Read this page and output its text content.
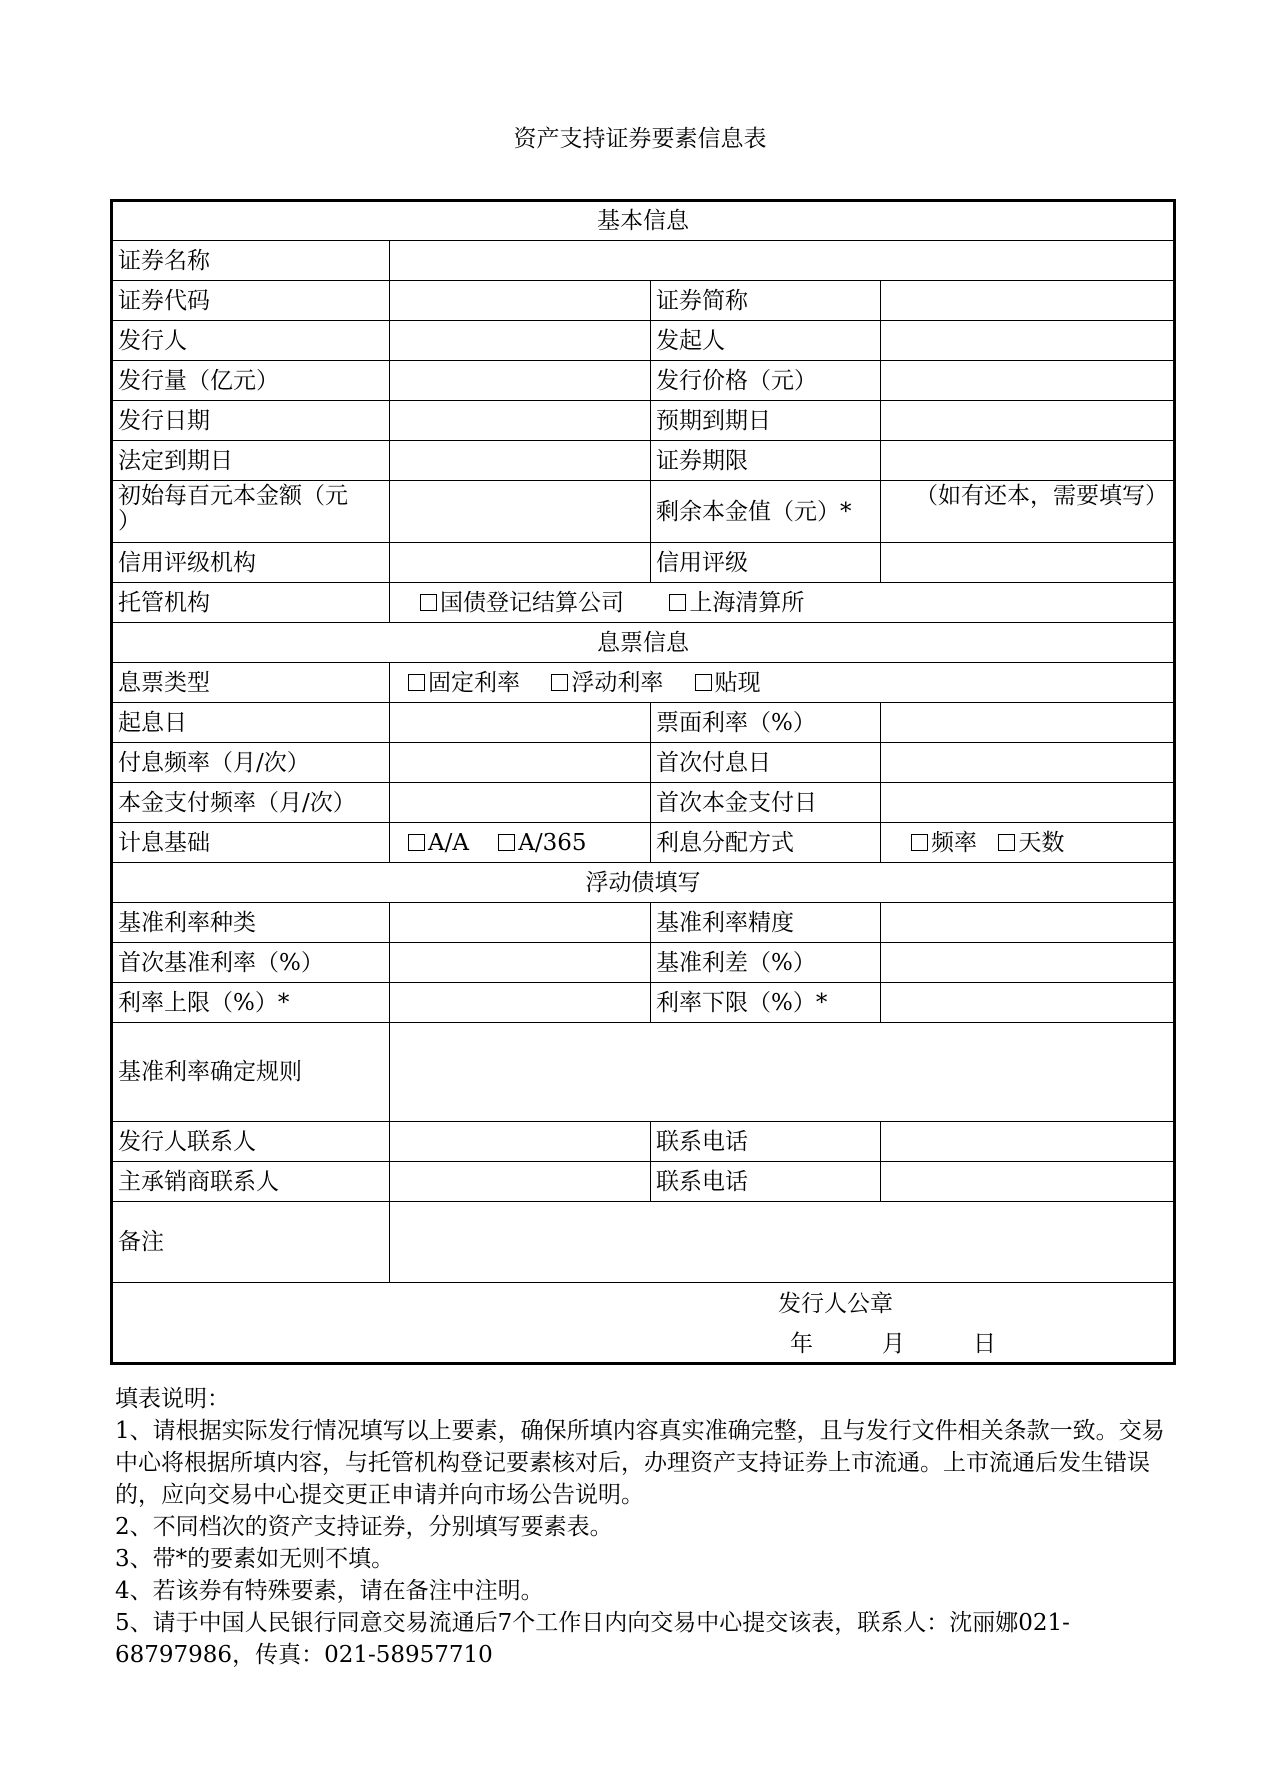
资产支持证券要素信息表
基本信息			
证券名称			
证券代码		证券简称	
发行人		发起人	
发行量（亿元）		发行价格（元）	
发行日期		预期到期日	
法定到期日		证券期限	
初始每百元本金额（元
）		剩余本金值（元）*	（如有还本，需要填写）
信用评级机构		信用评级	
托管机构	国债登记结算公司 上海清算所		
息票信息			
息票类型	固定利率 浮动利率 贴现		
起息日		票面利率（%）	
付息频率（月/次）		首次付息日	
本金支付频率（月/次）		首次本金支付日	
计息基础	A/A A/365	利息分配方式	频率 天数
浮动债填写			
基准利率种类		基准利率精度	
首次基准利率（%）		基准利差（%）	
利率上限（%）*		利率下限（%）*	
基准利率确定规则			
发行人联系人		联系电话	
主承销商联系人		联系电话	
备注			

发行人公章
年 月 日			
填表说明：
1、请根据实际发行情况填写以上要素，确保所填内容真实准确完整，且与发行文件相关条款一致。交易中心将根据所填内容，与托管机构登记要素核对后，办理资产支持证券上市流通。上市流通后发生错误的，应向交易中心提交更正申请并向市场公告说明。
2、不同档次的资产支持证券，分别填写要素表。
3、带*的要素如无则不填。
4、若该券有特殊要素，请在备注中注明。
5、请于中国人民银行同意交易流通后7个工作日内向交易中心提交该表，联系人：沈丽娜021-68797986，传真：021-58957710
